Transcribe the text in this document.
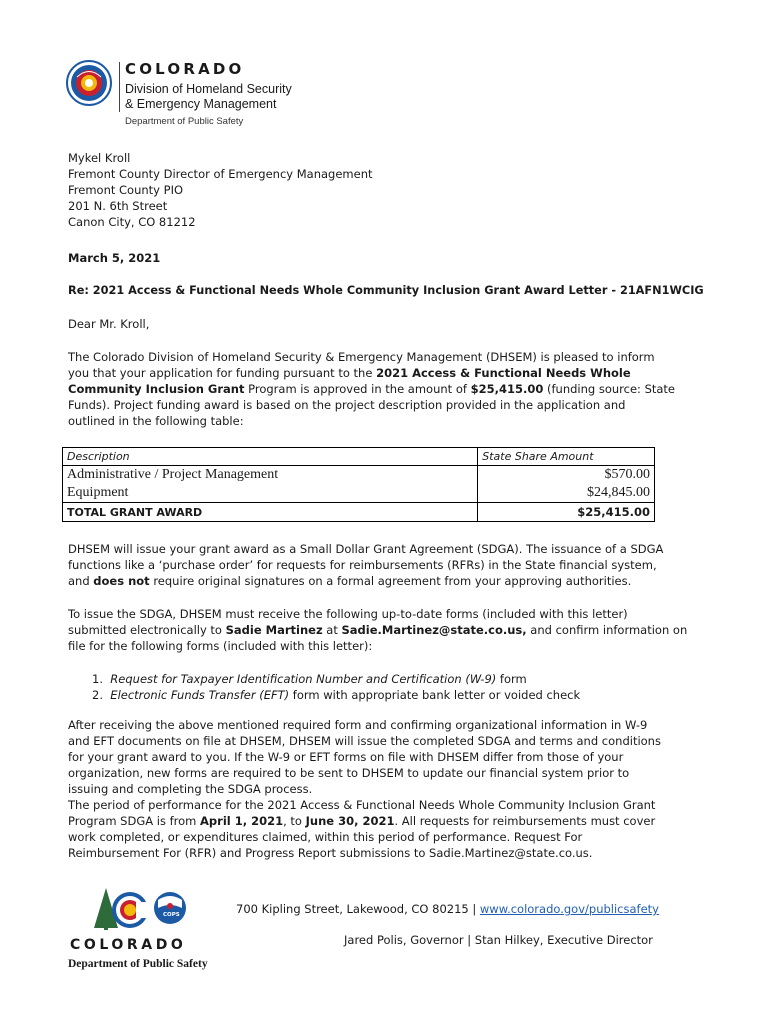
COLORADO
Division of Homeland Security
& Emergency Management
Department of Public Safety
Mykel Kroll
Fremont County Director of Emergency Management
Fremont County PIO
201 N. 6th Street
Canon City, CO 81212
March 5, 2021
Re: 2021 Access & Functional Needs Whole Community Inclusion Grant Award Letter - 21AFN1WCIG
Dear Mr. Kroll,
The Colorado Division of Homeland Security & Emergency Management (DHSEM) is pleased to inform
you that your application for funding pursuant to the 2021 Access & Functional Needs Whole
Community Inclusion Grant Program is approved in the amount of $25,415.00 (funding source: State
Funds). Project funding award is based on the project description provided in the application and
outlined in the following table:
Description	State Share Amount
Administrative / Project Management	$570.00
Equipment	$24,845.00
TOTAL GRANT AWARD	$25,415.00
DHSEM will issue your grant award as a Small Dollar Grant Agreement (SDGA). The issuance of a SDGA
functions like a ‘purchase order’ for requests for reimbursements (RFRs) in the State financial system,
and does not require original signatures on a formal agreement from your approving authorities.
To issue the SDGA, DHSEM must receive the following up-to-date forms (included with this letter)
submitted electronically to Sadie Martinez at Sadie.Martinez@state.co.us, and confirm information on
file for the following forms (included with this letter):
1. Request for Taxpayer Identification Number and Certification (W-9) form
2. Electronic Funds Transfer (EFT) form with appropriate bank letter or voided check
After receiving the above mentioned required form and confirming organizational information in W-9
and EFT documents on file at DHSEM, DHSEM will issue the completed SDGA and terms and conditions
for your grant award to you. If the W-9 or EFT forms on file with DHSEM differ from those of your
organization, new forms are required to be sent to DHSEM to update our financial system prior to
issuing and completing the SDGA process.
The period of performance for the 2021 Access & Functional Needs Whole Community Inclusion Grant
Program SDGA is from April 1, 2021, to June 30, 2021. All requests for reimbursements must cover
work completed, or expenditures claimed, within this period of performance. Request For
Reimbursement For (RFR) and Progress Report submissions to Sadie.Martinez@state.co.us.
COPS
COLORADO
Department of Public Safety
700 Kipling Street, Lakewood, CO 80215 | www.colorado.gov/publicsafety
Jared Polis, Governor | Stan Hilkey, Executive Director
